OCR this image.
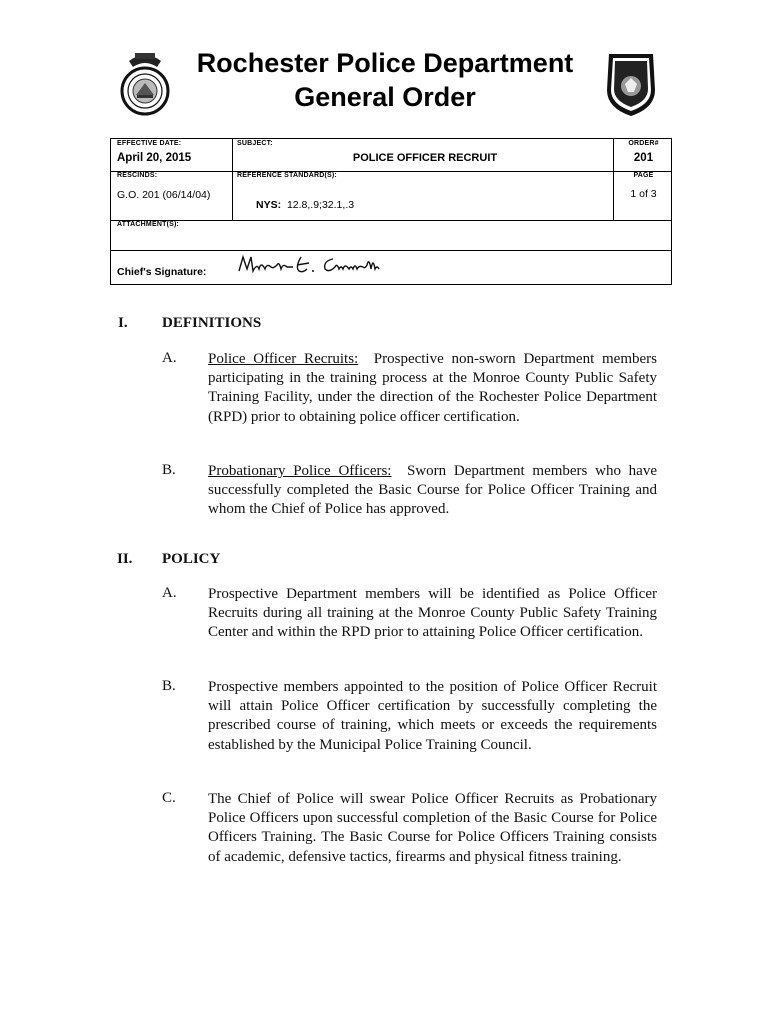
Rochester Police Department
General Order
EFFECTIVE DATE:
April 20, 2015
SUBJECT:
POLICE OFFICER RECRUIT
ORDER#
201
RESCINDS:
G.O. 201 (06/14/04)
REFERENCE STANDARD(S):
NYS: 12.8,.9;32.1,.3
PAGE
1 of 3
ATTACHMENT(S):
Chief's Signature:
I. DEFINITIONS
A. Police Officer Recruits: Prospective non-sworn Department members participating in the training process at the Monroe County Public Safety Training Facility, under the direction of the Rochester Police Department (RPD) prior to obtaining police officer certification.

B. Probationary Police Officers: Sworn Department members who have successfully completed the Basic Course for Police Officer Training and whom the Chief of Police has approved.

II. POLICY
A. Prospective Department members will be identified as Police Officer Recruits during all training at the Monroe County Public Safety Training Center and within the RPD prior to attaining Police Officer certification.

B. Prospective members appointed to the position of Police Officer Recruit will attain Police Officer certification by successfully completing the prescribed course of training, which meets or exceeds the requirements established by the Municipal Police Training Council.

C. The Chief of Police will swear Police Officer Recruits as Probationary Police Officers upon successful completion of the Basic Course for Police Officers Training. The Basic Course for Police Officers Training consists of academic, defensive tactics, firearms and physical fitness training.
